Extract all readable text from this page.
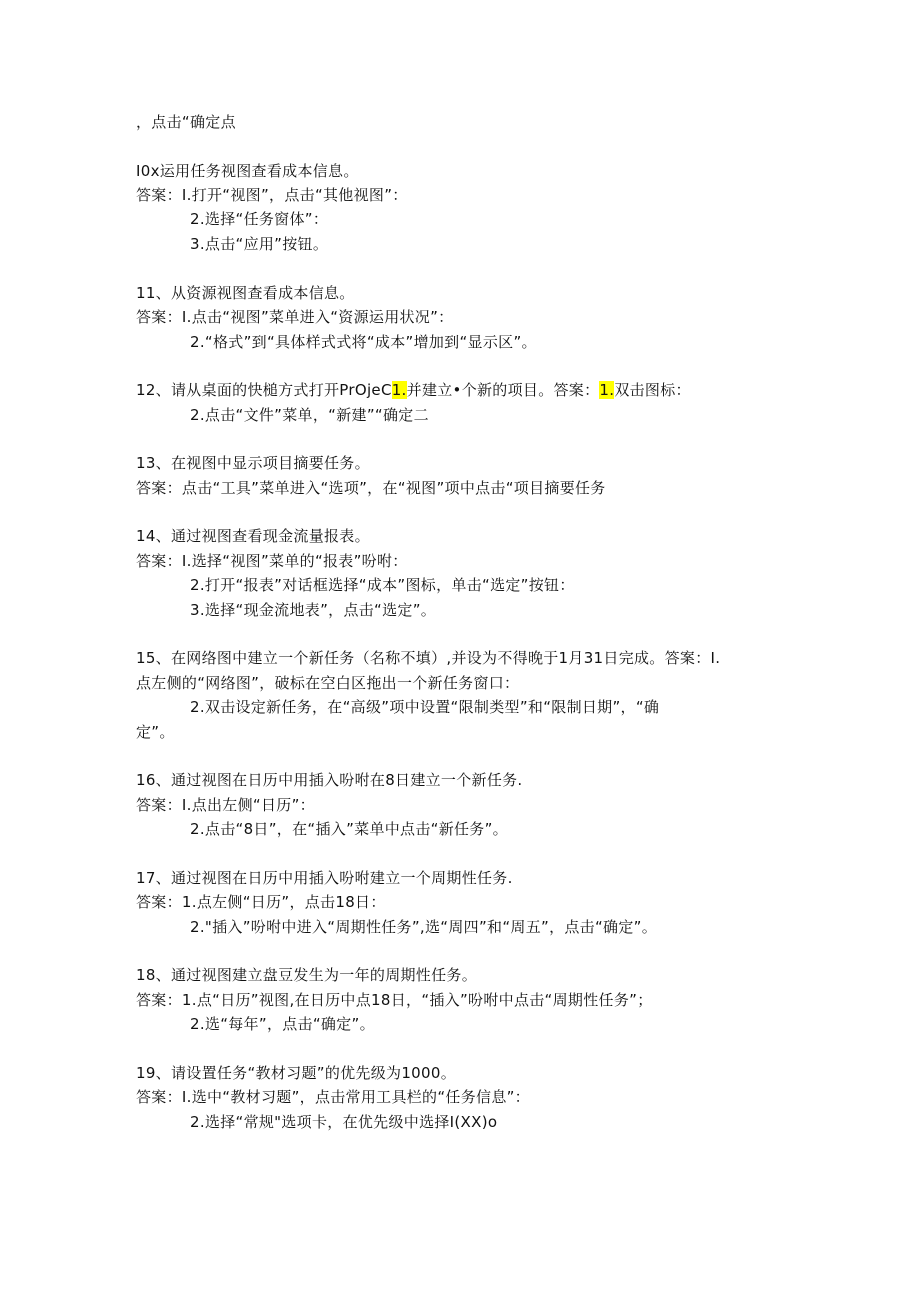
，点击“确定点
I0x运用任务视图查看成本信息。
答案：I.打开“视图”，点击“其他视图”：
2.选择“任务窗体”：
3.点击“应用”按钮。
11、从资源视图查看成本信息。
答案：I.点击“视图”菜单进入“资源运用状况”：
2.“格式”到“具体样式式将“成本”增加到“显示区”。
12、请从桌面的快槌方式打开PrOjeC1.并建立•个新的项目。答案：1.双击图标：
2.点击“文件”菜单，“新建”“确定二
13、在视图中显示项目摘要任务。
答案：点击“工具”菜单进入“选项”，在“视图”项中点击“项目摘要任务
14、通过视图查看现金流量报表。
答案：I.选择“视图”菜单的“报表”吩咐：
2.打开“报表”对话框选择“成本”图标，单击“选定”按钮：
3.选择“现金流地表”，点击“选定”。
15、在网络图中建立一个新任务（名称不填）,并设为不得晚于1月31日完成。答案：I.
点左侧的“网络图”，破标在空白区拖出一个新任务窗口：
2.双击设定新任务，在“高级”项中设置“限制类型”和“限制日期”，“确
定”。
16、通过视图在日历中用插入吩咐在8日建立一个新任务.
答案：I.点出左侧“日历”：
2.点击“8日”，在“插入”菜单中点击“新任务”。
17、通过视图在日历中用插入吩咐建立一个周期性任务.
答案：1.点左侧“日历”，点击18日：
2."插入”吩咐中进入“周期性任务”,选“周四”和“周五”，点击“确定”。
18、通过视图建立盘豆发生为一年的周期性任务。
答案：1.点“日历”视图,在日历中点18日，“插入”吩咐中点击“周期性任务”；
2.选“每年”，点击“确定”。
19、请设置任务“教材习题”的优先级为1000。
答案：I.选中“教材习题”，点击常用工具栏的“任务信息”：
2.选择“常规"选项卡，在优先级中选择I(XX)o
